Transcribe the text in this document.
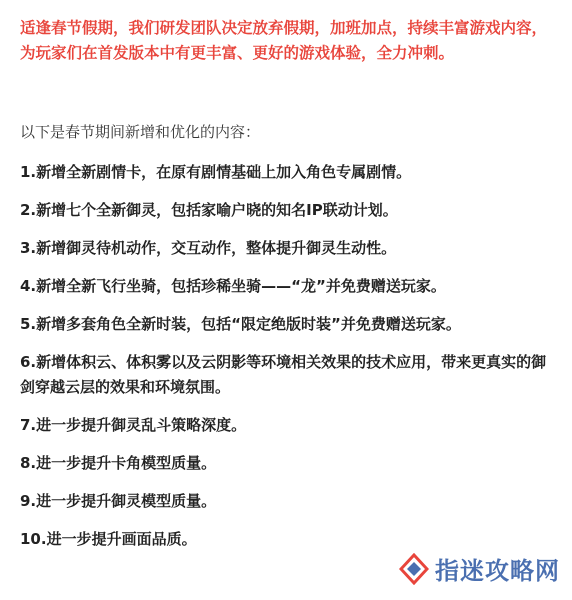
适逢春节假期，我们研发团队决定放弃假期，加班加点，持续丰富游戏内容，为玩家们在首发版本中有更丰富、更好的游戏体验，全力冲刺。

以下是春节期间新增和优化的内容：

1.新增全新剧情卡，在原有剧情基础上加入角色专属剧情。
2.新增七个全新御灵，包括家喻户晓的知名IP联动计划。
3.新增御灵待机动作，交互动作，整体提升御灵生动性。
4.新增全新飞行坐骑，包括珍稀坐骑——“龙”并免费赠送玩家。
5.新增多套角色全新时装，包括“限定绝版时装”并免费赠送玩家。
6.新增体积云、体积雾以及云阴影等环境相关效果的技术应用，带来更真实的御剑穿越云层的效果和环境氛围。
7.进一步提升御灵乱斗策略深度。
8.进一步提升卡角模型质量。
9.进一步提升御灵模型质量。
10.进一步提升画面品质。
指迷攻略网
